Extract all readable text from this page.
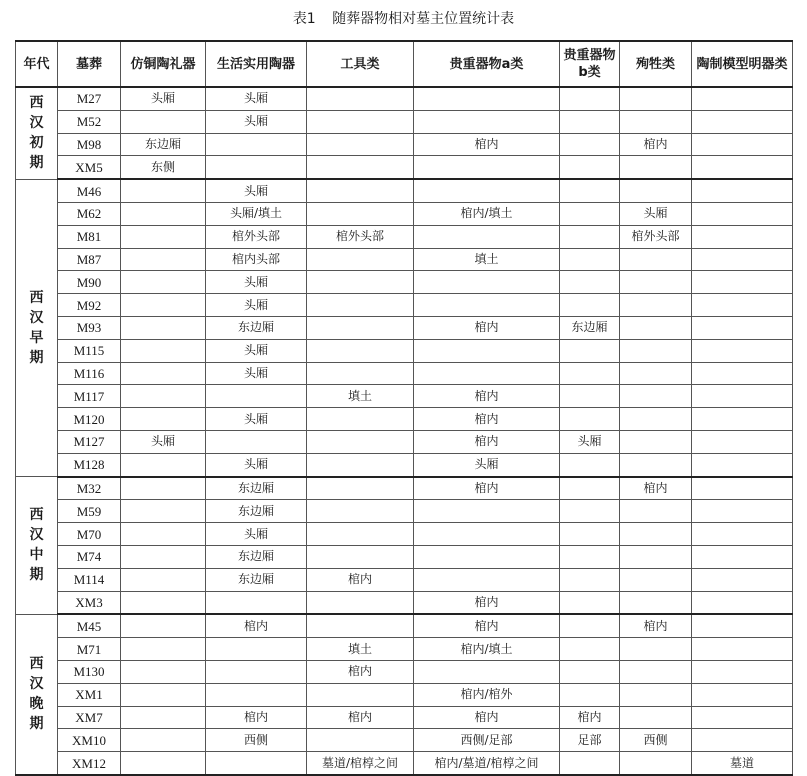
表1 随葬器物相对墓主位置统计表
年代	墓葬	仿铜陶礼器	生活实用陶器	工具类	贵重器物a类	贵重器物b类	殉牲类	陶制模型明器类
西汉初期	M27	头厢	头厢					
	M52		头厢					
	M98	东边厢			棺内		棺内	
	XM5	东侧						
西汉早期	M46		头厢					
	M62		头厢/填土		棺内/填土		头厢	
	M81		棺外头部	棺外头部			棺外头部	
	M87		棺内头部		填土			
	M90		头厢					
	M92		头厢					
	M93		东边厢		棺内	东边厢		
	M115		头厢					
	M116		头厢					
	M117			填土	棺内			
	M120		头厢		棺内			
	M127	头厢			棺内	头厢		
	M128		头厢		头厢			
西汉中期	M32		东边厢		棺内		棺内	
	M59		东边厢					
	M70		头厢					
	M74		东边厢					
	M114		东边厢	棺内				
	XM3				棺内			
西汉晚期	M45		棺内		棺内		棺内	
	M71			填土	棺内/填土			
	M130			棺内				
	XM1				棺内/棺外			
	XM7		棺内	棺内	棺内	棺内		
	XM10		西侧		西侧/足部	足部	西侧	
	XM12			墓道/棺椁之间	棺内/墓道/棺椁之间			墓道
